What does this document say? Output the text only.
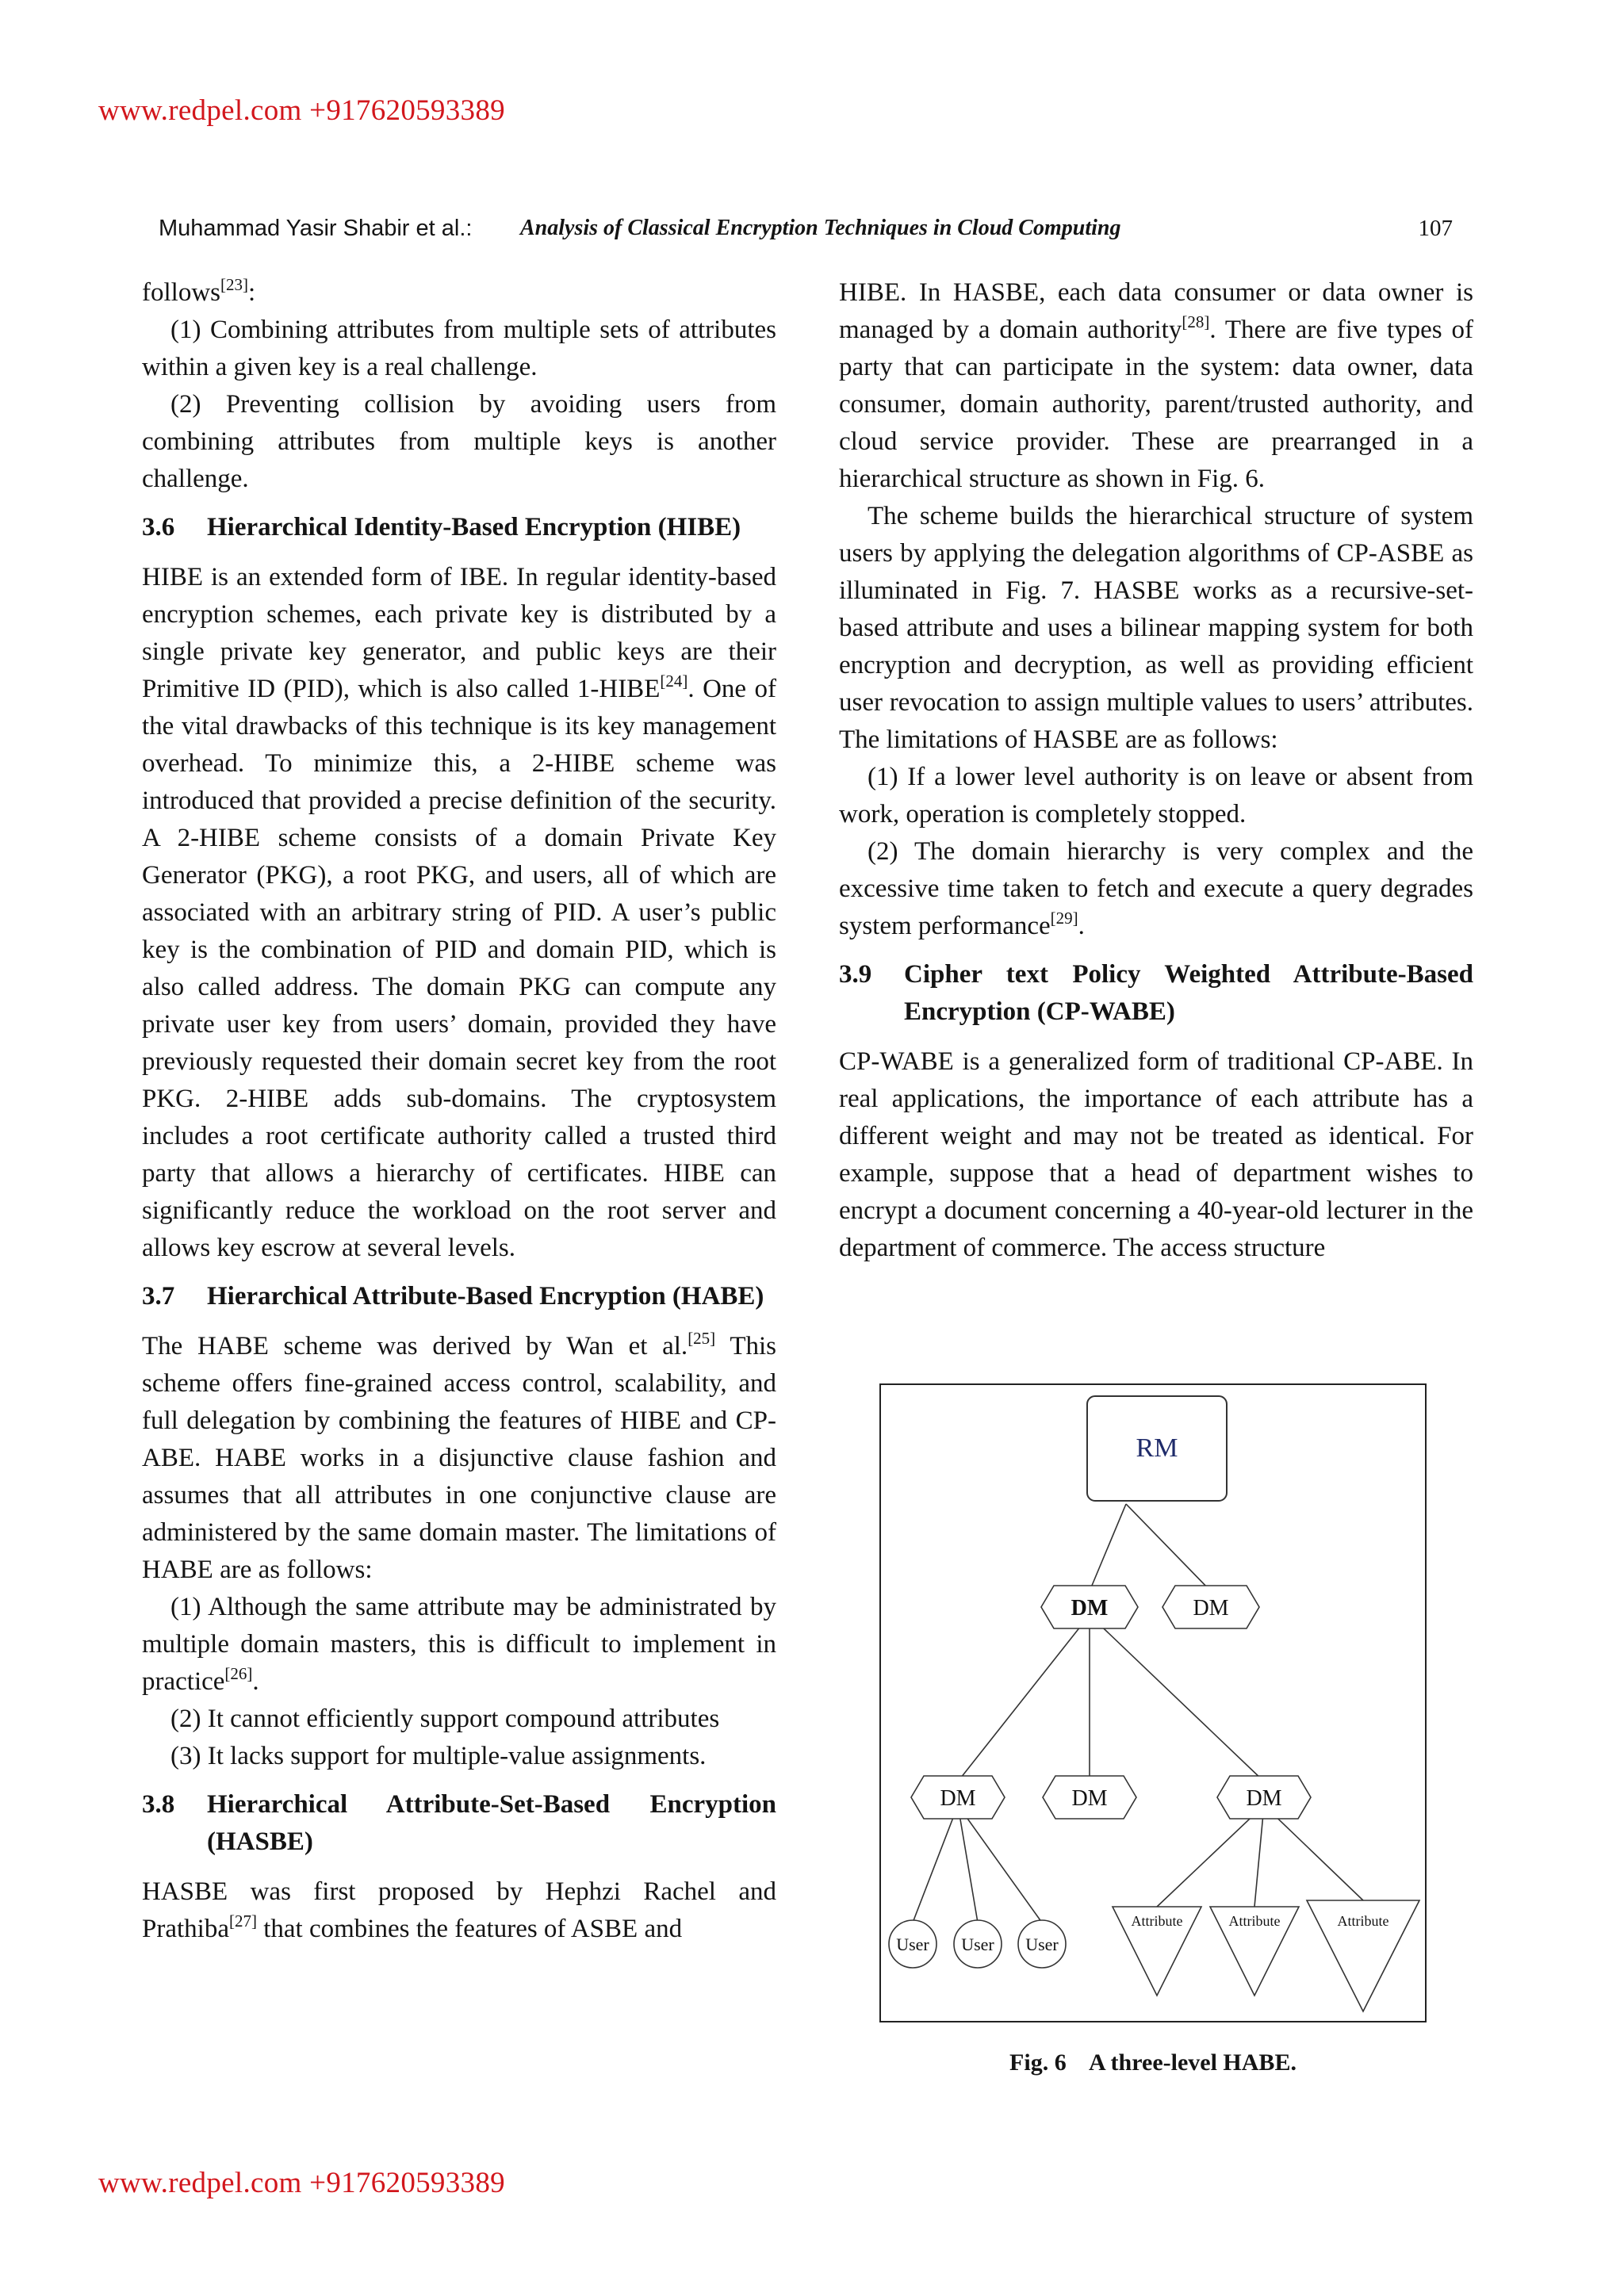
www.redpel.com +917620593389
Muhammad Yasir Shabir et al.: Analysis of Classical Encryption Techniques in Cloud Computing	107

follows[23]:

(1) Combining attributes from multiple sets of attributes within a given key is a real challenge.

(2) Preventing collision by avoiding users from combining attributes from multiple keys is another challenge.

3.6	Hierarchical Identity-Based Encryption (HIBE)

HIBE is an extended form of IBE. In regular identity-based encryption schemes, each private key is distributed by a single private key generator, and public keys are their Primitive ID (PID), which is also called 1-HIBE[24]. One of the vital drawbacks of this technique is its key management overhead. To minimize this, a 2-HIBE scheme was introduced that provided a precise definition of the security. A 2-HIBE scheme consists of a domain Private Key Generator (PKG), a root PKG, and users, all of which are associated with an arbitrary string of PID. A user’s public key is the combination of PID and domain PID, which is also called address. The domain PKG can compute any private user key from users’ domain, provided they have previously requested their domain secret key from the root PKG. 2-HIBE adds sub-domains. The cryptosystem includes a root certificate authority called a trusted third party that allows a hierarchy of certificates. HIBE can significantly reduce the workload on the root server and allows key escrow at several levels.

3.7	Hierarchical Attribute-Based Encryption (HABE)

The HABE scheme was derived by Wan et al.[25] This scheme offers fine-grained access control, scalability, and full delegation by combining the features of HIBE and CP-ABE. HABE works in a disjunctive clause fashion and assumes that all attributes in one conjunctive clause are administered by the same domain master. The limitations of HABE are as follows:

(1) Although the same attribute may be administrated by multiple domain masters, this is difficult to implement in practice[26].

(2) It cannot efficiently support compound attributes

(3) It lacks support for multiple-value assignments.

3.8	Hierarchical Attribute-Set-Based Encryption (HASBE)

HASBE was first proposed by Hephzi Rachel and Prathiba[27] that combines the features of ASBE and

HIBE. In HASBE, each data consumer or data owner is managed by a domain authority[28]. There are five types of party that can participate in the system: data owner, data consumer, domain authority, parent/trusted authority, and cloud service provider. These are prearranged in a hierarchical structure as shown in Fig. 6.

The scheme builds the hierarchical structure of system users by applying the delegation algorithms of CP-ASBE as illuminated in Fig. 7. HASBE works as a recursive-set-based attribute and uses a bilinear mapping system for both encryption and decryption, as well as providing efficient user revocation to assign multiple values to users’ attributes. The limitations of HASBE are as follows:

(1) If a lower level authority is on leave or absent from work, operation is completely stopped.

(2) The domain hierarchy is very complex and the excessive time taken to fetch and execute a query degrades system performance[29].

3.9	Cipher text Policy Weighted Attribute-Based Encryption (CP-WABE)

CP-WABE is a generalized form of traditional CP-ABE. In real applications, the importance of each attribute has a different weight and may not be treated as identical. For example, suppose that a head of department wishes to encrypt a document concerning a 40-year-old lecturer in the department of commerce. The access structure

RM
DM	DM
DM	DM	DM
User User User
Attribute	Attribute	Attribute
Fig. 6    A three-level HABE.
www.redpel.com +917620593389
